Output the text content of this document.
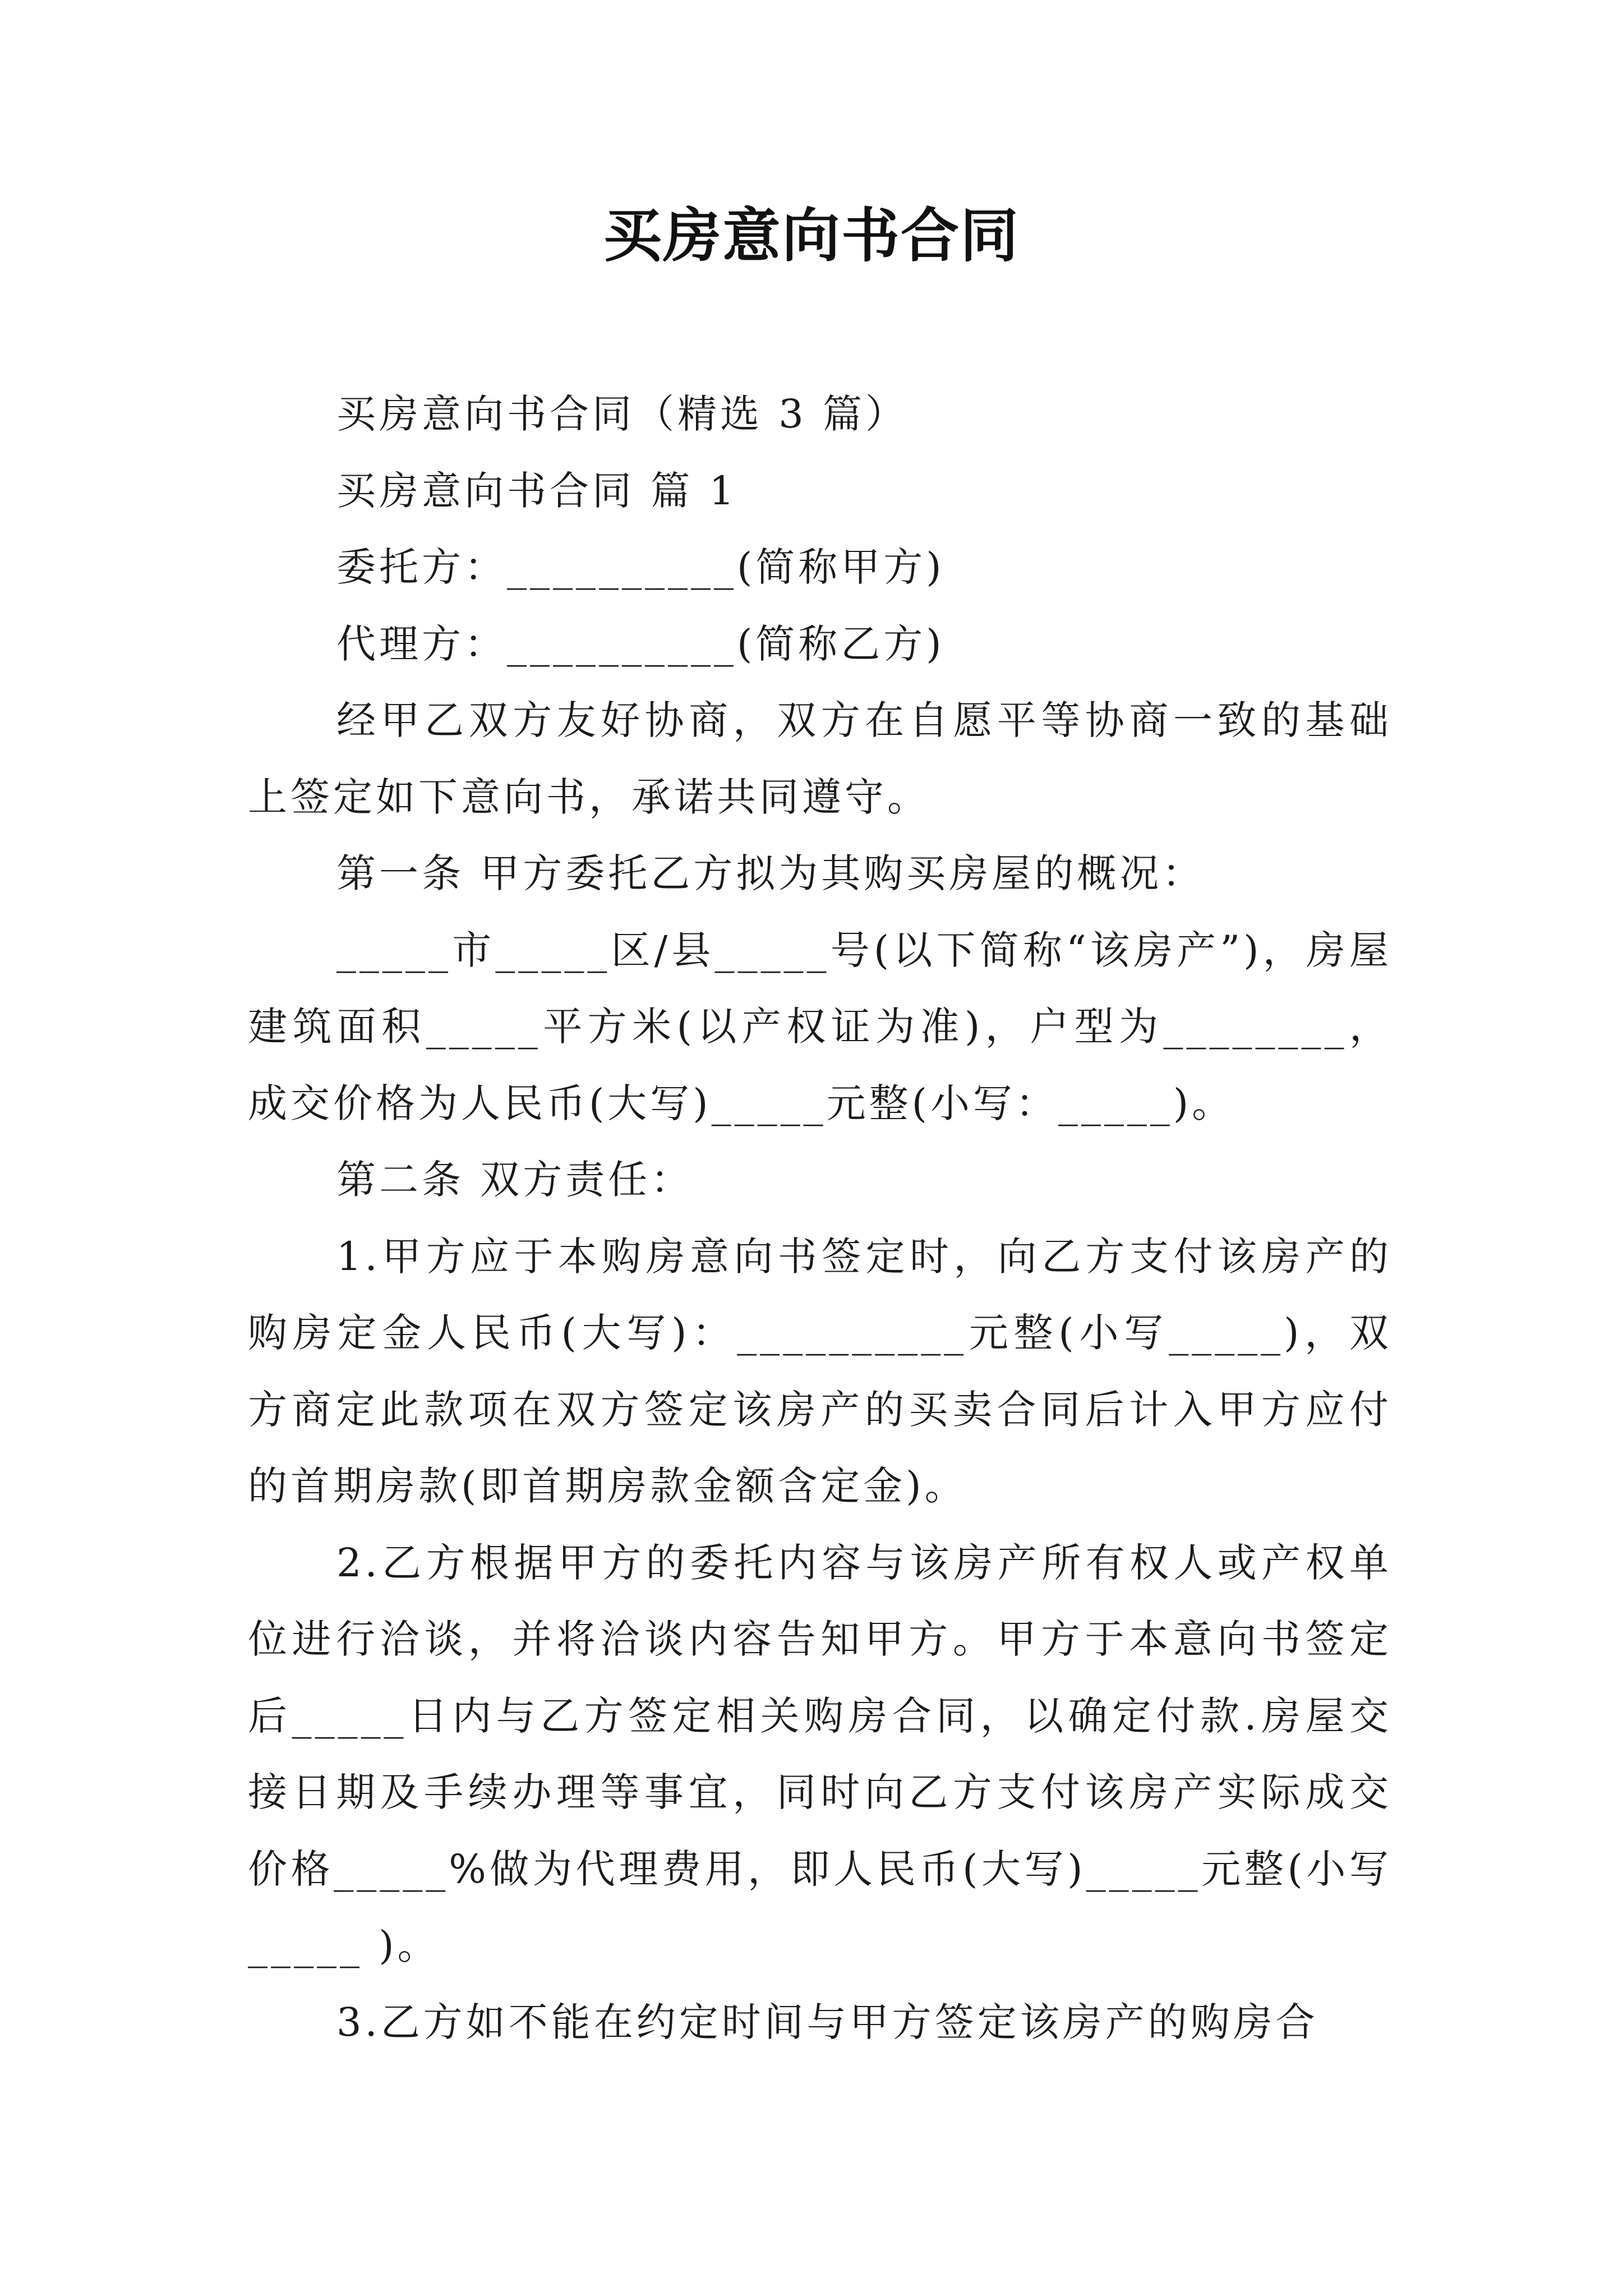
买房意向书合同

买房意向书合同（精选 3 篇）

买房意向书合同 篇 1

委托方：__________(简称甲方)

代理方：__________(简称乙方)

经甲乙双方友好协商，双方在自愿平等协商一致的基础上签定如下意向书，承诺共同遵守。

第一条 甲方委托乙方拟为其购买房屋的概况：

_____市_____区/县_____号(以下简称“该房产”)，房屋建筑面积_____平方米(以产权证为准)，户型为________，成交价格为人民币(大写)_____元整(小写：_____)。

第二条 双方责任：

1.甲方应于本购房意向书签定时，向乙方支付该房产的购房定金人民币(大写)：__________元整(小写_____)，双方商定此款项在双方签定该房产的买卖合同后计入甲方应付的首期房款(即首期房款金额含定金)。

2.乙方根据甲方的委托内容与该房产所有权人或产权单位进行洽谈，并将洽谈内容告知甲方。甲方于本意向书签定后_____日内与乙方签定相关购房合同，以确定付款.房屋交接日期及手续办理等事宜，同时向乙方支付该房产实际成交价格_____%做为代理费用，即人民币(大写)_____元整(小写_____ )。

3.乙方如不能在约定时间与甲方签定该房产的购房合
